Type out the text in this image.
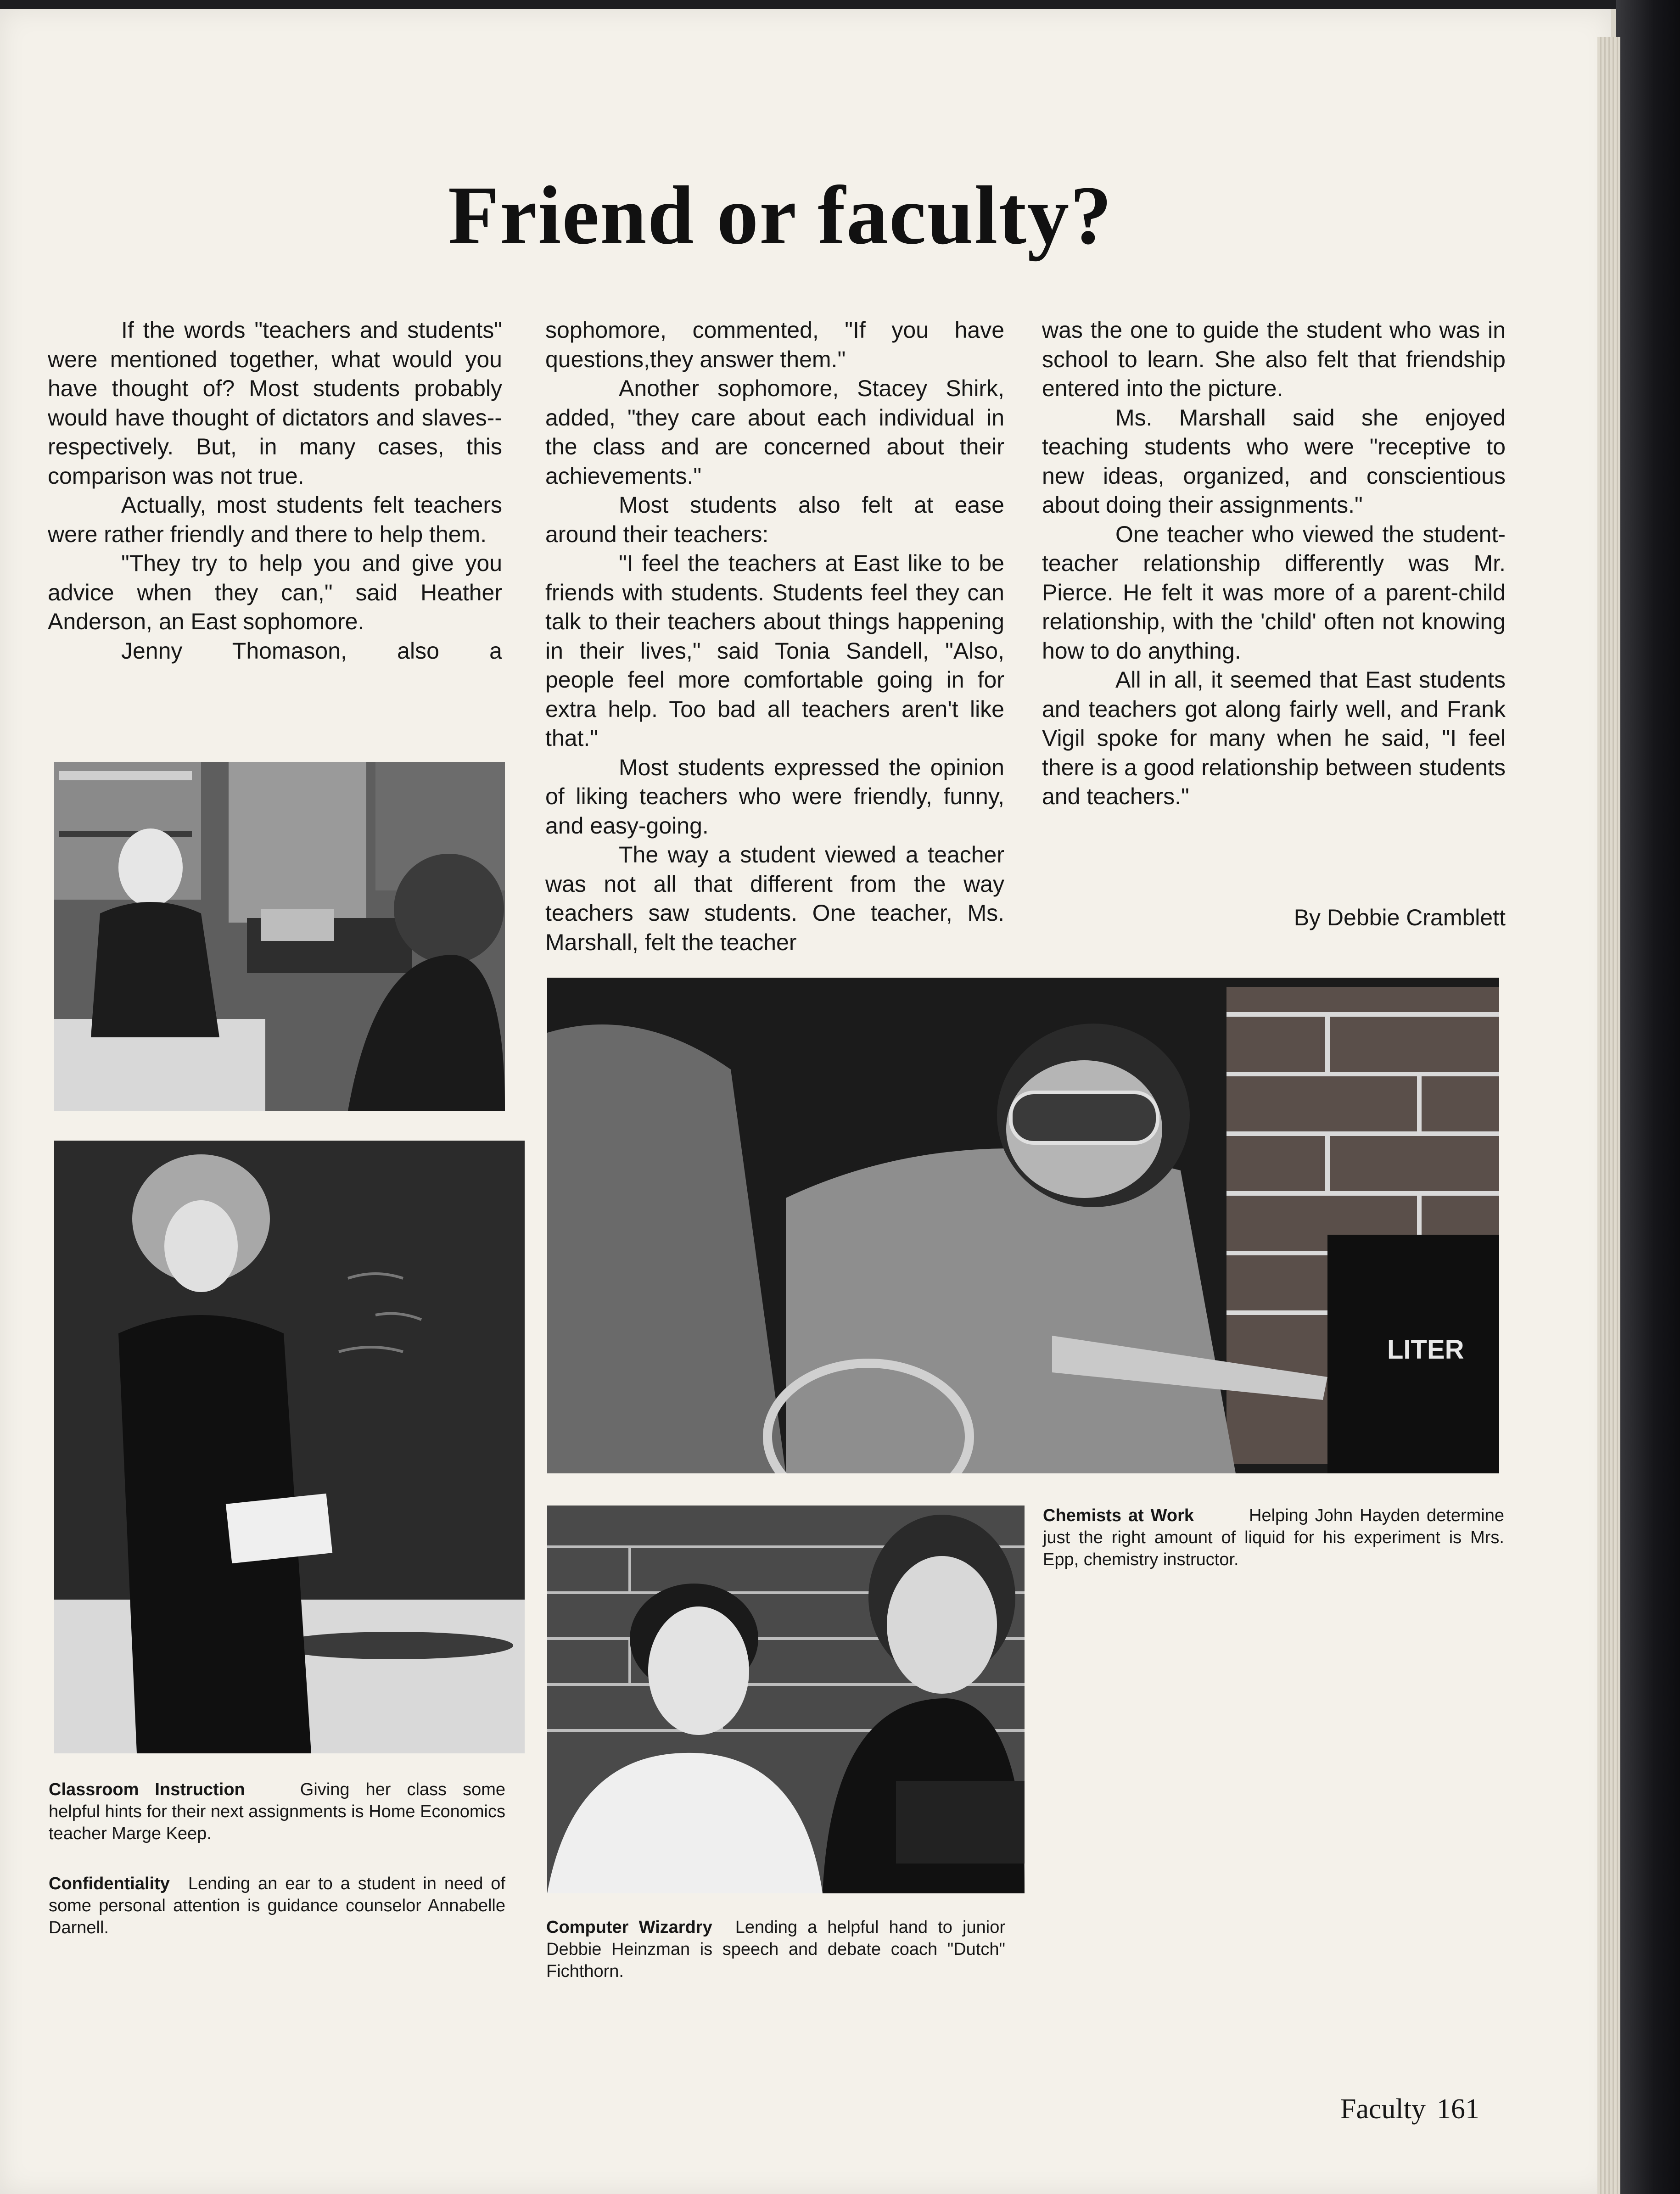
Friend or faculty?

If the words "teachers and students" were mentioned together, what would you have thought of? Most students probably would have thought of dictators and slaves--respectively. But, in many cases, this comparison was not true.

Actually, most students felt teachers were rather friendly and there to help them.

"They try to help you and give you advice when they can," said Heather Anderson, an East sophomore.

Jenny Thomason, also a

sophomore, commented, "If you have questions,they answer them."

Another sophomore, Stacey Shirk, added, "they care about each individual in the class and are concerned about their achievements."

Most students also felt at ease around their teachers:

"I feel the teachers at East like to be friends with students. Students feel they can talk to their teachers about things happening in their lives," said Tonia Sandell, "Also, people feel more comfortable going in for extra help. Too bad all teachers aren't like that."

Most students expressed the opinion of liking teachers who were friendly, funny, and easy-going.

The way a student viewed a teacher was not all that different from the way teachers saw students. One teacher, Ms. Marshall, felt the teacher

was the one to guide the student who was in school to learn. She also felt that friendship entered into the picture.

Ms. Marshall said she enjoyed teaching students who were "receptive to new ideas, organized, and conscientious about doing their assignments."

One teacher who viewed the student-teacher relationship differently was Mr. Pierce. He felt it was more of a parent-child relationship, with the 'child' often not knowing how to do anything.

All in all, it seemed that East students and teachers got along fairly well, and Frank Vigil spoke for many when he said, "I feel there is a good relationship between students and teachers."

By Debbie Cramblett
LITER
Classroom Instruction	Giving her class some helpful hints for their next assignments is Home Economics teacher Marge Keep.
Confidentiality Lending an ear to a student in need of some personal attention is guidance counselor Annabelle Darnell.	Computer Wizardry Lending a helpful hand to junior Debbie Heinzman is speech and debate coach "Dutch" Fichthorn.
Chemists at Work	Helping John Hayden determine just the right amount of liquid for his experiment is Mrs. Epp, chemistry instructor.
Faculty 161
